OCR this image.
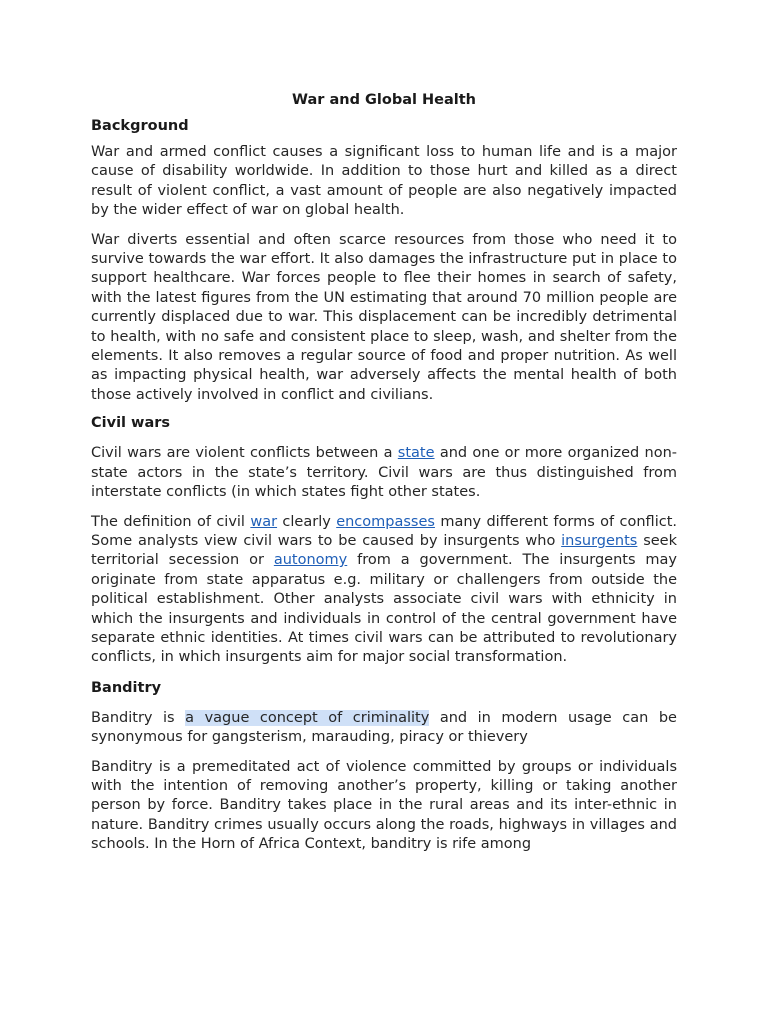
War and Global Health
Background

War and armed conflict causes a significant loss to human life and is a major cause of disability worldwide. In addition to those hurt and killed as a direct result of violent conflict, a vast amount of people are also negatively impacted by the wider effect of war on global health.

War diverts essential and often scarce resources from those who need it to survive towards the war effort. It also damages the infrastructure put in place to support healthcare. War forces people to flee their homes in search of safety, with the latest figures from the UN estimating that around 70 million people are currently displaced due to war. This displacement can be incredibly detrimental to health, with no safe and consistent place to sleep, wash, and shelter from the elements. It also removes a regular source of food and proper nutrition. As well as impacting physical health, war adversely affects the mental health of both those actively involved in conflict and civilians.

Civil wars

Civil wars are violent conflicts between a state and one or more organized non-state actors in the state’s territory. Civil wars are thus distinguished from interstate conflicts (in which states fight other states.

The definition of civil war clearly encompasses many different forms of conflict. Some analysts view civil wars to be caused by insurgents who insurgents seek territorial secession or autonomy from a government. The insurgents may originate from state apparatus e.g. military or challengers from outside the political establishment. Other analysts associate civil wars with ethnicity in which the insurgents and individuals in control of the central government have separate ethnic identities. At times civil wars can be attributed to revolutionary conflicts, in which insurgents aim for major social transformation.

Banditry

Banditry is a vague concept of criminality and in modern usage can be synonymous for gangsterism, marauding, piracy or thievery

Banditry is a premeditated act of violence committed by groups or individuals with the intention of removing another’s property, killing or taking another person by force. Banditry takes place in the rural areas and its inter-ethnic in nature. Banditry crimes usually occurs along the roads, highways in villages and schools. In the Horn of Africa Context, banditry is rife among
